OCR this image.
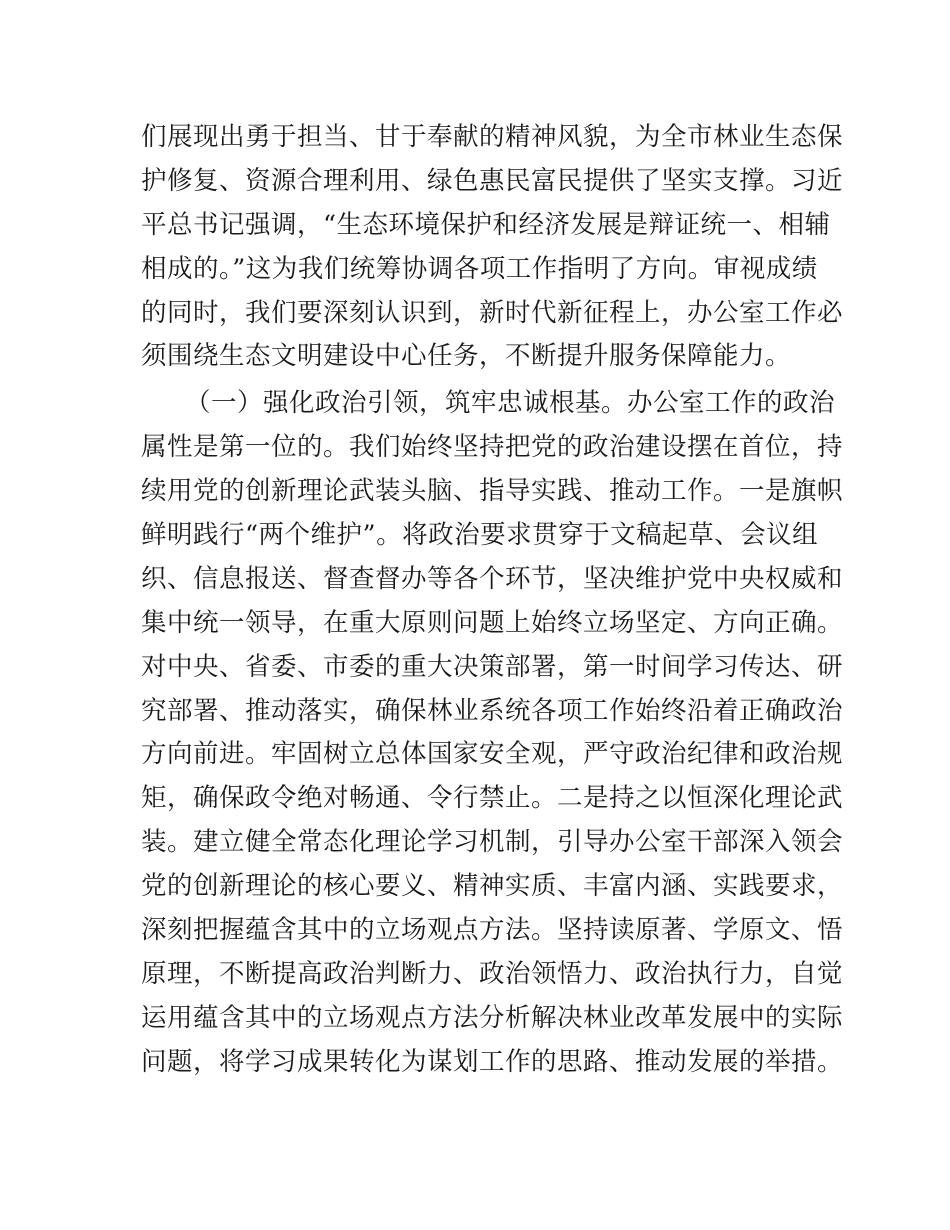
们展现出勇于担当、甘于奉献的精神风貌，为全市林业生态保
护修复、资源合理利用、绿色惠民富民提供了坚实支撑。习近
平总书记强调，“生态环境保护和经济发展是辩证统一、相辅
相成的。”这为我们统筹协调各项工作指明了方向。审视成绩
的同时，我们要深刻认识到，新时代新征程上，办公室工作必
须围绕生态文明建设中心任务，不断提升服务保障能力。
（一）强化政治引领，筑牢忠诚根基。办公室工作的政治
属性是第一位的。我们始终坚持把党的政治建设摆在首位，持
续用党的创新理论武装头脑、指导实践、推动工作。一是旗帜
鲜明践行“两个维护”。将政治要求贯穿于文稿起草、会议组
织、信息报送、督查督办等各个环节，坚决维护党中央权威和
集中统一领导，在重大原则问题上始终立场坚定、方向正确。
对中央、省委、市委的重大决策部署，第一时间学习传达、研
究部署、推动落实，确保林业系统各项工作始终沿着正确政治
方向前进。牢固树立总体国家安全观，严守政治纪律和政治规
矩，确保政令绝对畅通、令行禁止。二是持之以恒深化理论武
装。建立健全常态化理论学习机制，引导办公室干部深入领会
党的创新理论的核心要义、精神实质、丰富内涵、实践要求，
深刻把握蕴含其中的立场观点方法。坚持读原著、学原文、悟
原理，不断提高政治判断力、政治领悟力、政治执行力，自觉
运用蕴含其中的立场观点方法分析解决林业改革发展中的实际
问题，将学习成果转化为谋划工作的思路、推动发展的举措。
